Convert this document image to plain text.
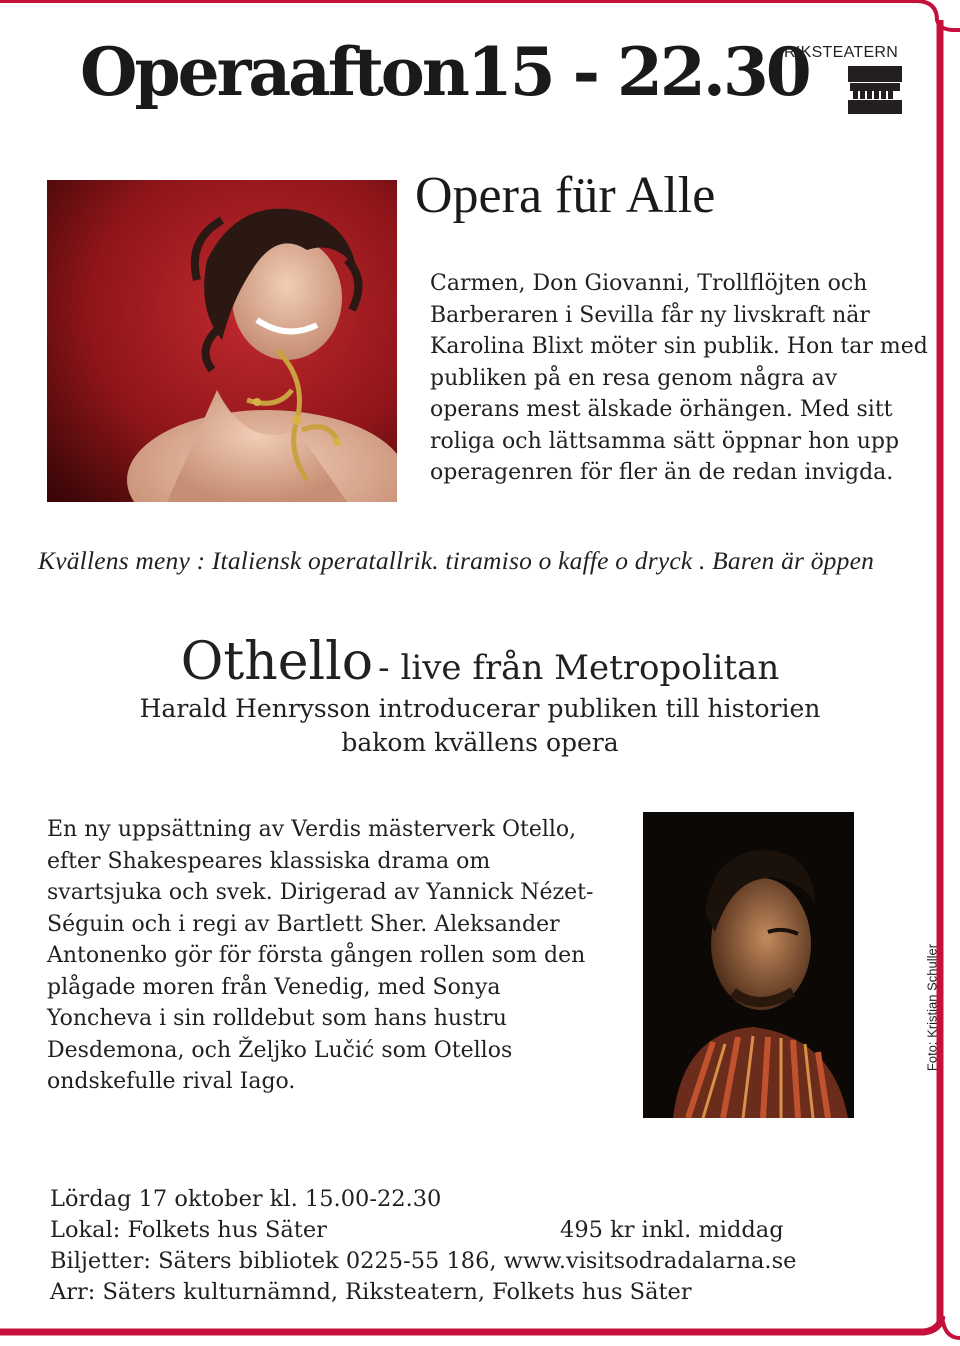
Operaafton15 - 22.30
RIKSTEATERN
Opera für Alle
Carmen, Don Giovanni, Trollflöjten och Barberaren i Sevilla får ny livskraft när Karolina Blixt möter sin publik. Hon tar med publiken på en resa genom några av operans mest älskade örhängen. Med sitt roliga och lättsamma sätt öppnar hon upp operagenren för fler än de redan invigda.
Kvällens meny : Italiensk operatallrik. tiramiso o kaffe o dryck . Baren är öppen
Othello - live från Metropolitan
Harald Henrysson introducerar publiken till historien
bakom kvällens opera
En ny uppsättning av Verdis mästerverk Otello, efter Shakespeares klassiska drama om svartsjuka och svek. Dirigerad av Yannick Nézet-Séguin och i regi av Bartlett Sher. Aleksander Antonenko gör för första gången rollen som den plågade moren från Venedig, med Sonya Yoncheva i sin rolldebut som hans hustru Desdemona, och Željko Lučić som Otellos ondskefulle rival Iago.
Foto: Kristian Schuller
Lördag 17 oktober kl. 15.00-22.30
Lokal: Folkets hus Säter	495 kr inkl. middag
Biljetter: Säters bibliotek 0225-55 186, www.visitsodradalarna.se
Arr: Säters kulturnämnd, Riksteatern, Folkets hus Säter
